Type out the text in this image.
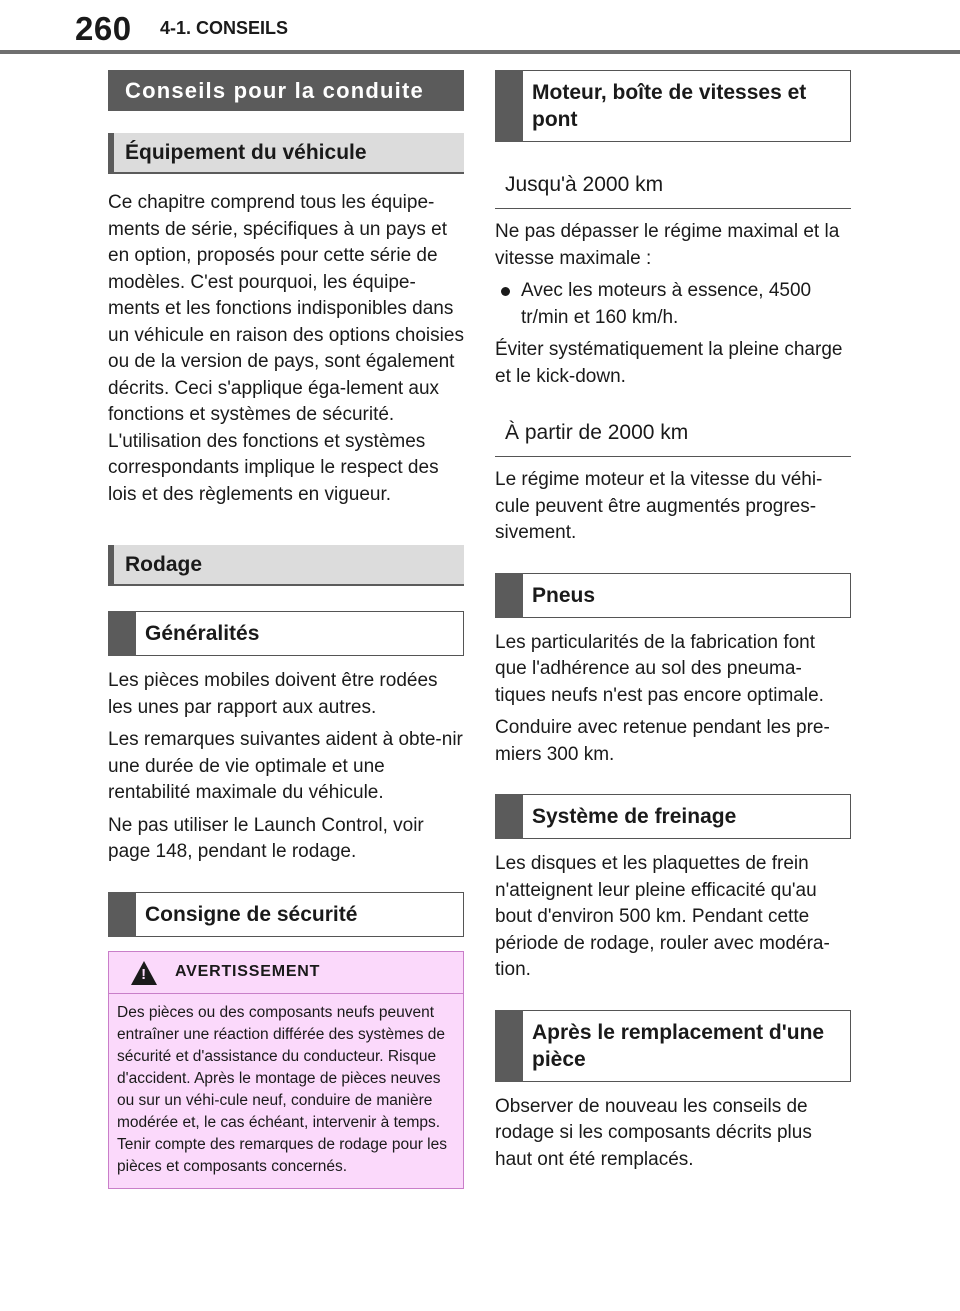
260 4-1. CONSEILS
Conseils pour la conduite
Équipement du véhicule

Ce chapitre comprend tous les équipe-ments de série, spécifiques à un pays et en option, proposés pour cette série de modèles. C'est pourquoi, les équipe-ments et les fonctions indisponibles dans un véhicule en raison des options choisies ou de la version de pays, sont également décrits. Ceci s'applique éga-lement aux fonctions et systèmes de sécurité. L'utilisation des fonctions et systèmes correspondants implique le respect des lois et des règlements en vigueur.

Rodage
Généralités

Les pièces mobiles doivent être rodées les unes par rapport aux autres.

Les remarques suivantes aident à obte-nir une durée de vie optimale et une rentabilité maximale du véhicule.

Ne pas utiliser le Launch Control, voir page 148, pendant le rodage.

Consigne de sécurité
! AVERTISSEMENT
Des pièces ou des composants neufs peuvent entraîner une réaction différée des systèmes de sécurité et d'assistance du conducteur. Risque d'accident. Après le montage de pièces neuves ou sur un véhi-cule neuf, conduire de manière modérée et, le cas échéant, intervenir à temps. Tenir compte des remarques de rodage pour les pièces et composants concernés.
Moteur, boîte de vitesses et pont
Jusqu'à 2000 km

Ne pas dépasser le régime maximal et la vitesse maximale :

Avec les moteurs à essence, 4500 tr/min et 160 km/h.

Éviter systématiquement la pleine charge et le kick-down.

À partir de 2000 km

Le régime moteur et la vitesse du véhi-cule peuvent être augmentés progres-sivement.

Pneus

Les particularités de la fabrication font que l'adhérence au sol des pneuma-tiques neufs n'est pas encore optimale.

Conduire avec retenue pendant les pre-miers 300 km.

Système de freinage

Les disques et les plaquettes de frein n'atteignent leur pleine efficacité qu'au bout d'environ 500 km. Pendant cette période de rodage, rouler avec modéra-tion.

Après le remplacement d'une pièce

Observer de nouveau les conseils de rodage si les composants décrits plus haut ont été remplacés.
